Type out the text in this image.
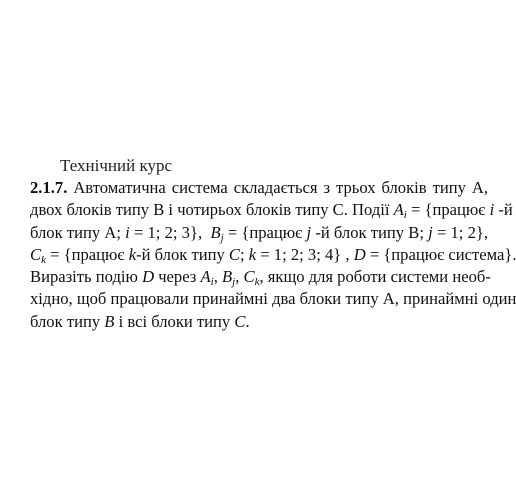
Технічний курс
2.1.7. Автоматична система складається з трьох блоків типу А,
двох блоків типу В і чотирьох блоків типу С. Події $A_i$ = {працює i -й
блок типу А; i = 1; 2; 3}, $B_j$ = {працює j -й блок типу В; j = 1; 2},
$C_k$ = {працює k-й блок типу C; k = 1; 2; 3; 4} , D = {працює система}.
Виразіть подію D через $A_i$, $B_j$, $C_k$, якщо для роботи системи необ-
хідно, щоб працювали принаймні два блоки типу А, принаймні один
блок типу B і всі блоки типу C.
